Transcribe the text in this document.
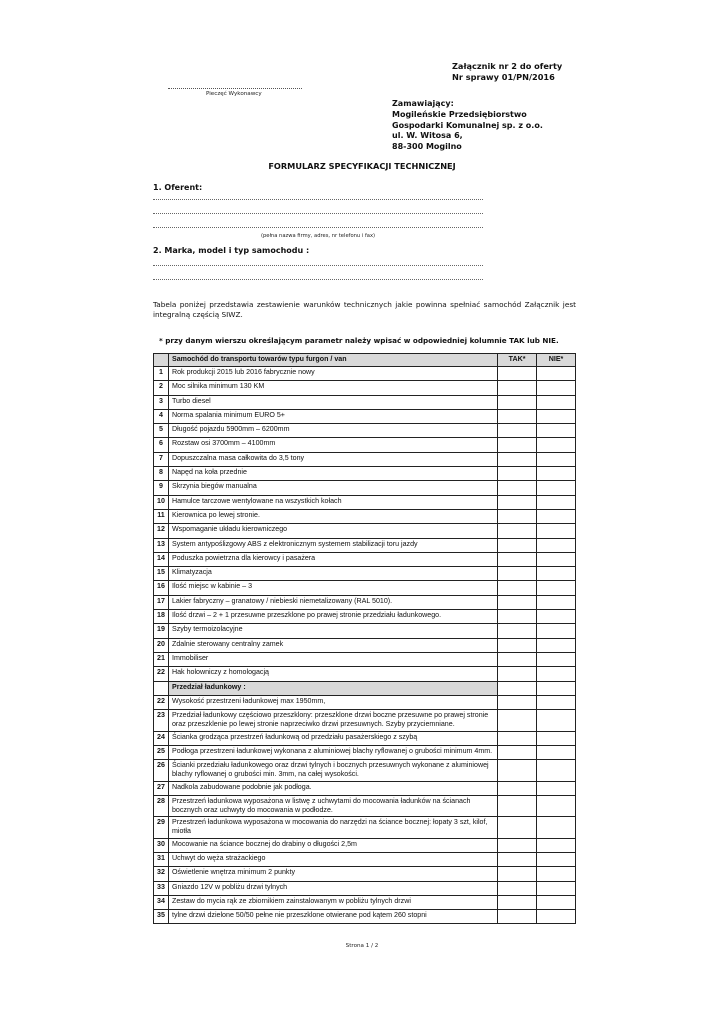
Załącznik nr 2 do oferty
Nr sprawy 01/PN/2016
Pieczęć Wykonawcy
Zamawiający:
Mogileńskie Przedsiębiorstwo
Gospodarki Komunalnej sp. z o.o.
ul. W. Witosa 6,
88-300 Mogilno
FORMULARZ SPECYFIKACJI TECHNICZNEJ
1. Oferent:
(pełna nazwa firmy, adres, nr telefonu i fax)
2. Marka, model i typ samochodu :
Tabela poniżej przedstawia zestawienie warunków technicznych jakie powinna spełniać samochód Załącznik jest integralną częścią SIWZ.
* przy danym wierszu określającym parametr należy wpisać w odpowiedniej kolumnie TAK lub NIE.
	Samochód do transportu towarów typu furgon / van	TAK*	NIE*
1	Rok produkcji 2015 lub 2016 fabrycznie nowy		
2	Moc silnika minimum 130 KM		
3	Turbo diesel		
4	Norma spalania minimum EURO 5+		
5	Długość pojazdu 5900mm – 6200mm		
6	Rozstaw osi 3700mm – 4100mm		
7	Dopuszczalna masa całkowita do 3,5 tony		
8	Napęd na koła przednie		
9	Skrzynia biegów manualna		
10	Hamulce tarczowe wentylowane na wszystkich kołach		
11	Kierownica po lewej stronie.		
12	Wspomaganie układu kierowniczego		
13	System antypoślizgowy ABS z elektronicznym systemem stabilizacji toru jazdy		
14	Poduszka powietrzna dla kierowcy i pasażera		
15	Klimatyzacja		
16	Ilość miejsc w kabinie – 3		
17	Lakier fabryczny – granatowy / niebieski niemetalizowany (RAL 5010).		
18	Ilość drzwi – 2 + 1 przesuwne przeszklone po prawej stronie przedziału ładunkowego.		
19	Szyby termoizolacyjne		
20	Zdalnie sterowany centralny zamek		
21	Immobiliser		
22	Hak holowniczy z homologacją		
	Przedział ładunkowy :		
22	Wysokość przestrzeni ładunkowej max 1950mm,		
23	Przedział ładunkowy częściowo przeszklony: przeszklone drzwi boczne przesuwne po prawej stronie oraz przeszklenie po lewej stronie naprzeciwko drzwi przesuwnych. Szyby przyciemniane.		
24	Ścianka grodząca przestrzeń ładunkową od przedziału pasażerskiego z szybą		
25	Podłoga przestrzeni ładunkowej wykonana z aluminiowej blachy ryflowanej o grubości minimum 4mm.		
26	Ścianki przedziału ładunkowego oraz drzwi tylnych i bocznych przesuwnych wykonane z aluminiowej blachy ryflowanej o grubości min. 3mm, na całej wysokości.		
27	Nadkola zabudowane podobnie jak podłoga.		
28	Przestrzeń ładunkowa wyposażona w listwę z uchwytami do mocowania ładunków na ścianach bocznych oraz uchwyty do mocowania w podłodze.		
29	Przestrzeń ładunkowa wyposażona w mocowania do narzędzi na ściance bocznej: łopaty 3 szt, kilof, miotła		
30	Mocowanie na ściance bocznej do drabiny o długości 2,5m		
31	Uchwyt do węża strażackiego		
32	Oświetlenie wnętrza minimum 2 punkty		
33	Gniazdo 12V w pobliżu drzwi tylnych		
34	Zestaw do mycia rąk ze zbiornikiem zainstalowanym w pobliżu tylnych drzwi		
35	tylne drzwi dzielone 50/50 pełne nie przeszklone otwierane pod kątem 260 stopni		
Strona 1 / 2
